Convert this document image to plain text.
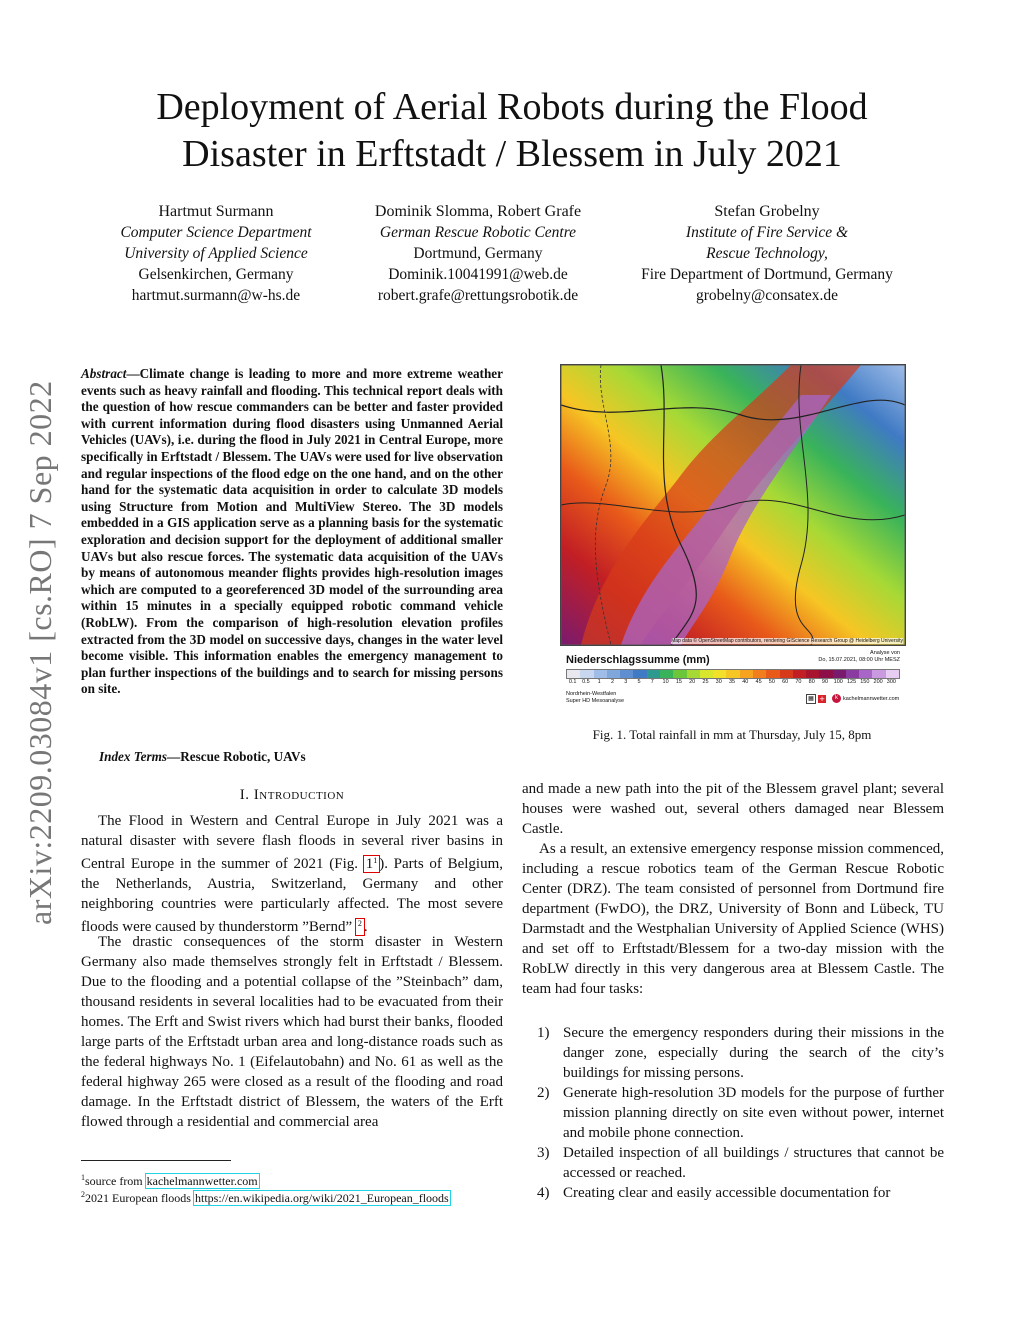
Deployment of Aerial Robots during the Flood
Disaster in Erftstadt / Blessem in July 2021
Hartmut Surmann
Computer Science Department
University of Applied Science
Gelsenkirchen, Germany
hartmut.surmann@w-hs.de
Dominik Slomma, Robert Grafe
German Rescue Robotic Centre
Dortmund, Germany
Dominik.10041991@web.de
robert.grafe@rettungsrobotik.de
Stefan Grobelny
Institute of Fire Service &
Rescue Technology,
Fire Department of Dortmund, Germany
grobelny@consatex.de
arXiv:2209.03084v1 [cs.RO] 7 Sep 2022
Abstract—Climate change is leading to more and more extreme weather events such as heavy rainfall and flooding. This technical report deals with the question of how rescue commanders can be better and faster provided with current information during flood disasters using Unmanned Aerial Vehicles (UAVs), i.e. during the flood in July 2021 in Central Europe, more specifically in Erftstadt / Blessem. The UAVs were used for live observation and regular inspections of the flood edge on the one hand, and on the other hand for the systematic data acquisition in order to calculate 3D models using Structure from Motion and MultiView Stereo. The 3D models embedded in a GIS application serve as a planning basis for the systematic exploration and decision support for the deployment of additional smaller UAVs but also rescue forces. The systematic data acquisition of the UAVs by means of autonomous meander flights provides high-resolution images which are computed to a georeferenced 3D model of the surrounding area within 15 minutes in a specially equipped robotic command vehicle (RobLW). From the comparison of high-resolution elevation profiles extracted from the 3D model on successive days, changes in the water level become visible. This information enables the emergency management to plan further inspections of the buildings and to search for missing persons on site.
Index Terms—Rescue Robotic, UAVs
I. Introduction
The Flood in Western and Central Europe in July 2021 was a natural disaster with severe flash floods in several river basins in Central Europe in the summer of 2021 (Fig. $1^1$ ). Parts of Belgium, the Netherlands, Austria, Switzerland, Germany and other neighboring countries were particularly affected. The most severe floods were caused by thunderstorm ”Bernd” $^2$ .
The drastic consequences of the storm disaster in Western Germany also made themselves strongly felt in Erftstadt / Blessem. Due to the flooding and a potential collapse of the ”Steinbach” dam, thousand residents in several localities had to be evacuated from their homes. The Erft and Swist rivers which had burst their banks, flooded large parts of the Erftstadt urban area and long-distance roads such as the federal highways No. 1 (Eifelautobahn) and No. 61 as well as the federal highway 265 were closed as a result of the flooding and road damage. In the Erftstadt district of Blessem, the waters of the Erft flowed through a residential and commercial area
$^1$source from kachelmannwetter.com
$^2$2021 European floods https://en.wikipedia.org/wiki/2021_European_floods
Map data © OpenStreetMap contributors, rendering GIScience Research Group @ Heidelberg University
Niederschlagssumme (mm)
Analyse von
Do, 15.07.2021, 08:00 Uhr MESZ
0.1	0.5	1	2	3	5	7	10	15	20	25	30	35	40	45	50	60	70	80	90	100 125 150 200 300
Nordrhein-Westfalen
Super HD Mesoanalyse	▦ +	k kachelmannwetter.com
Fig. 1. Total rainfall in mm at Thursday, July 15, 8pm
and made a new path into the pit of the Blessem gravel plant; several houses were washed out, several others damaged near Blessem Castle.
As a result, an extensive emergency response mission commenced, including a rescue robotics team of the German Rescue Robotic Center (DRZ). The team consisted of personnel from Dortmund fire department (FwDO), the DRZ, University of Bonn and Lübeck, TU Darmstadt and the Westphalian University of Applied Science (WHS) and set off to Erftstadt/Blessem for a two-day mission with the RobLW directly in this very dangerous area at Blessem Castle. The team had four tasks:
1) Secure the emergency responders during their missions in the danger zone, especially during the search of the city’s buildings for missing persons.
2) Generate high-resolution 3D models for the purpose of further mission planning directly on site even without power, internet and mobile phone connection.
3) Detailed inspection of all buildings / structures that cannot be accessed or reached.
4) Creating clear and easily accessible documentation for
